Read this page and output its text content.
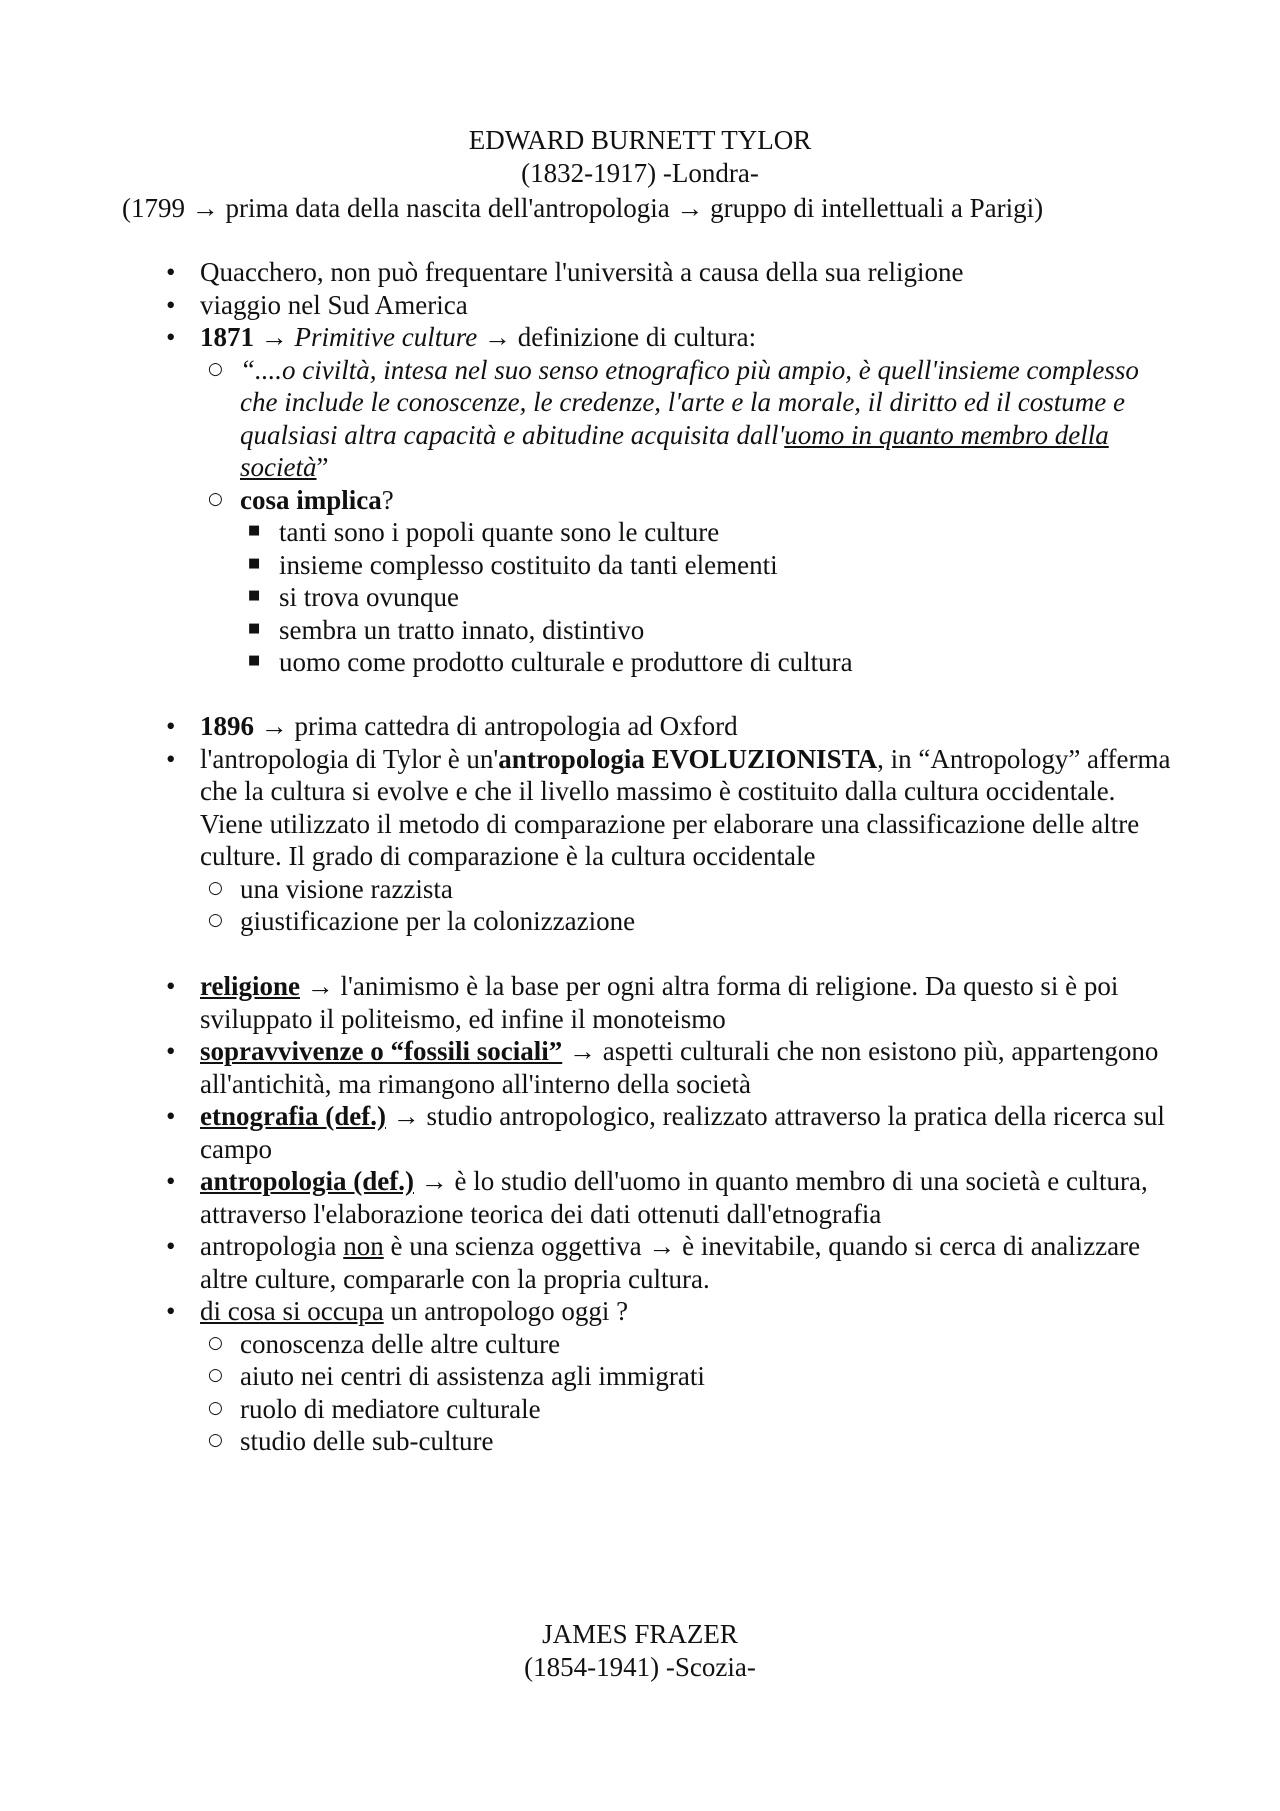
EDWARD BURNETT TYLOR
(1832-1917) -Londra-
(1799 → prima data della nascita dell'antropologia → gruppo di intellettuali a Parigi)
• Quacchero, non può frequentare l'università a causa della sua religione
• viaggio nel Sud America
• 1871 → Primitive culture → definizione di cultura:
○ “....o civiltà, intesa nel suo senso etnografico più ampio, è quell'insieme complesso che include le conoscenze, le credenze, l'arte e la morale, il diritto ed il costume e qualsiasi altra capacità e abitudine acquisita dall'uomo in quanto membro della società”
○ cosa implica?
■ tanti sono i popoli quante sono le culture
■ insieme complesso costituito da tanti elementi
■ si trova ovunque
■ sembra un tratto innato, distintivo
■ uomo come prodotto culturale e produttore di cultura
• 1896 → prima cattedra di antropologia ad Oxford
• l'antropologia di Tylor è un'antropologia EVOLUZIONISTA, in “Antropology” afferma che la cultura si evolve e che il livello massimo è costituito dalla cultura occidentale. Viene utilizzato il metodo di comparazione per elaborare una classificazione delle altre culture. Il grado di comparazione è la cultura occidentale
○ una visione razzista
○ giustificazione per la colonizzazione
• religione → l'animismo è la base per ogni altra forma di religione. Da questo si è poi sviluppato il politeismo, ed infine il monoteismo
• sopravvivenze o “fossili sociali” → aspetti culturali che non esistono più, appartengono all'antichità, ma rimangono all'interno della società
• etnografia (def.) → studio antropologico, realizzato attraverso la pratica della ricerca sul campo
• antropologia (def.) → è lo studio dell'uomo in quanto membro di una società e cultura, attraverso l'elaborazione teorica dei dati ottenuti dall'etnografia
• antropologia non è una scienza oggettiva → è inevitabile, quando si cerca di analizzare altre culture, compararle con la propria cultura.
• di cosa si occupa un antropologo oggi ?
○ conoscenza delle altre culture
○ aiuto nei centri di assistenza agli immigrati
○ ruolo di mediatore culturale
○ studio delle sub-culture
JAMES FRAZER
(1854-1941) -Scozia-
